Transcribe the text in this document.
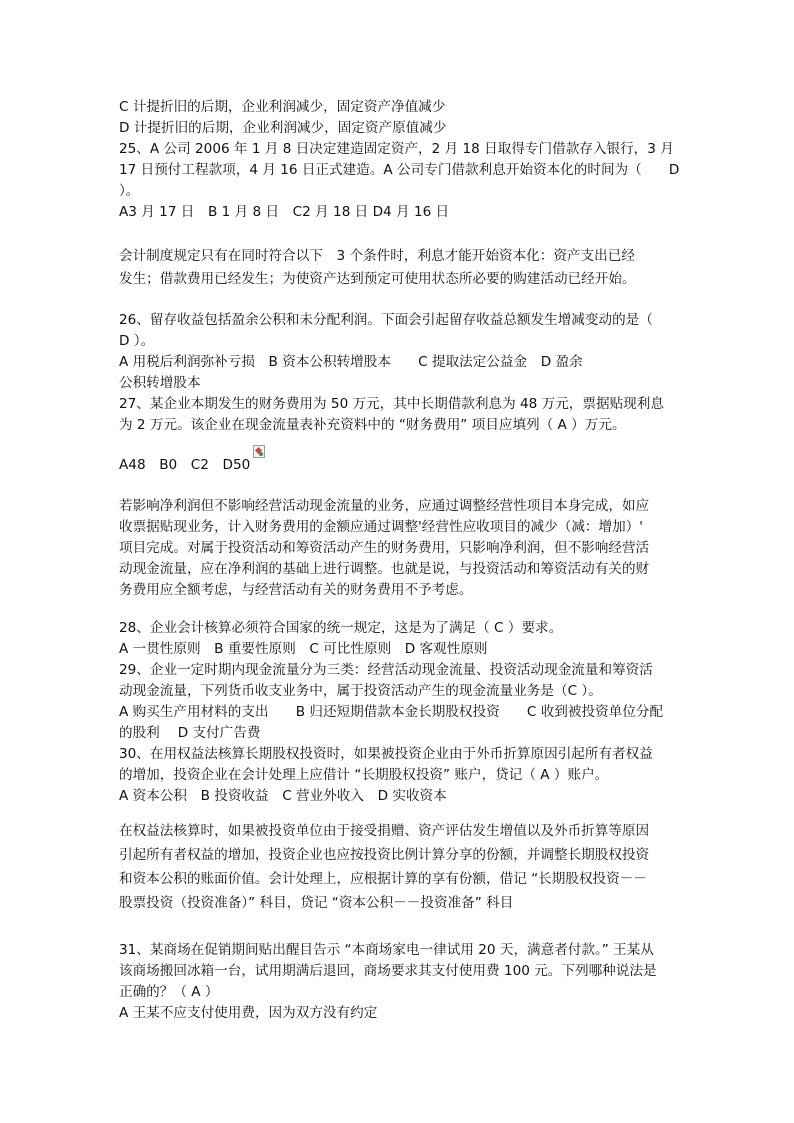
C 计提折旧的后期，企业利润减少，固定资产净值减少
D 计提折旧的后期，企业利润减少，固定资产原值减少
25、A 公司 2006 年 1 月 8 日决定建造固定资产，2 月 18 日取得专门借款存入银行，3 月
17 日预付工程款项，4 月 16 日正式建造。A 公司专门借款利息开始资本化的时间为（　　D
）。
A3 月 17 日　B 1 月 8 日　C2 月 18 日 D4 月 16 日
会计制度规定只有在同时符合以下　3 个条件时，利息才能开始资本化：资产支出已经
发生；借款费用已经发生；为使资产达到预定可使用状态所必要的购建活动已经开始。
26、留存收益包括盈余公积和未分配利润。下面会引起留存收益总额发生增减变动的是（
D ）。
A 用税后利润弥补亏损　B 资本公积转增股本　　C 提取法定公益金　D 盈余
公积转增股本
27、某企业本期发生的财务费用为 50 万元，其中长期借款利息为 48 万元，票据贴现利息
为 2 万元。该企业在现金流量表补充资料中的 “财务费用” 项目应填列（ A ）万元。
A48　B0　C2　D50
若影响净利润但不影响经营活动现金流量的业务，应通过调整经营性项目本身完成，如应
收票据贴现业务，计入财务费用的金额应通过调整'经营性应收项目的减少（减：增加）'
项目完成。对属于投资活动和筹资活动产生的财务费用，只影响净利润，但不影响经营活
动现金流量，应在净利润的基础上进行调整。也就是说，与投资活动和筹资活动有关的财
务费用应全额考虑，与经营活动有关的财务费用不予考虑。
28、企业会计核算必须符合国家的统一规定，这是为了满足（ C ）要求。
A 一贯性原则　B 重要性原则　C 可比性原则　D 客观性原则
29、企业一定时期内现金流量分为三类：经营活动现金流量、投资活动现金流量和筹资活
动现金流量，下列货币收支业务中，属于投资活动产生的现金流量业务是（C ）。
A 购买生产用材料的支出　　B 归还短期借款本金长期股权投资　　C 收到被投资单位分配
的股利　 D 支付广告费
30、在用权益法核算长期股权投资时，如果被投资企业由于外币折算原因引起所有者权益
的增加，投资企业在会计处理上应借计 “长期股权投资” 账户，贷记（ A ）账户。
A 资本公积　B 投资收益　C 营业外收入　D 实收资本
在权益法核算时，如果被投资单位由于接受捐赠、资产评估发生增值以及外币折算等原因
引起所有者权益的增加，投资企业也应按投资比例计算分享的份额，并调整长期股权投资
和资本公积的账面价值。会计处理上，应根据计算的享有份额，借记 “长期股权投资－－
股票投资（投资准备）” 科目，贷记 “资本公积－－投资准备” 科目
31、某商场在促销期间贴出醒目告示 “本商场家电一律试用 20 天，满意者付款。” 王某从
该商场搬回冰箱一台，试用期满后退回，商场要求其支付使用费 100 元。下列哪种说法是
正确的？（ A ）
A 王某不应支付使用费，因为双方没有约定
